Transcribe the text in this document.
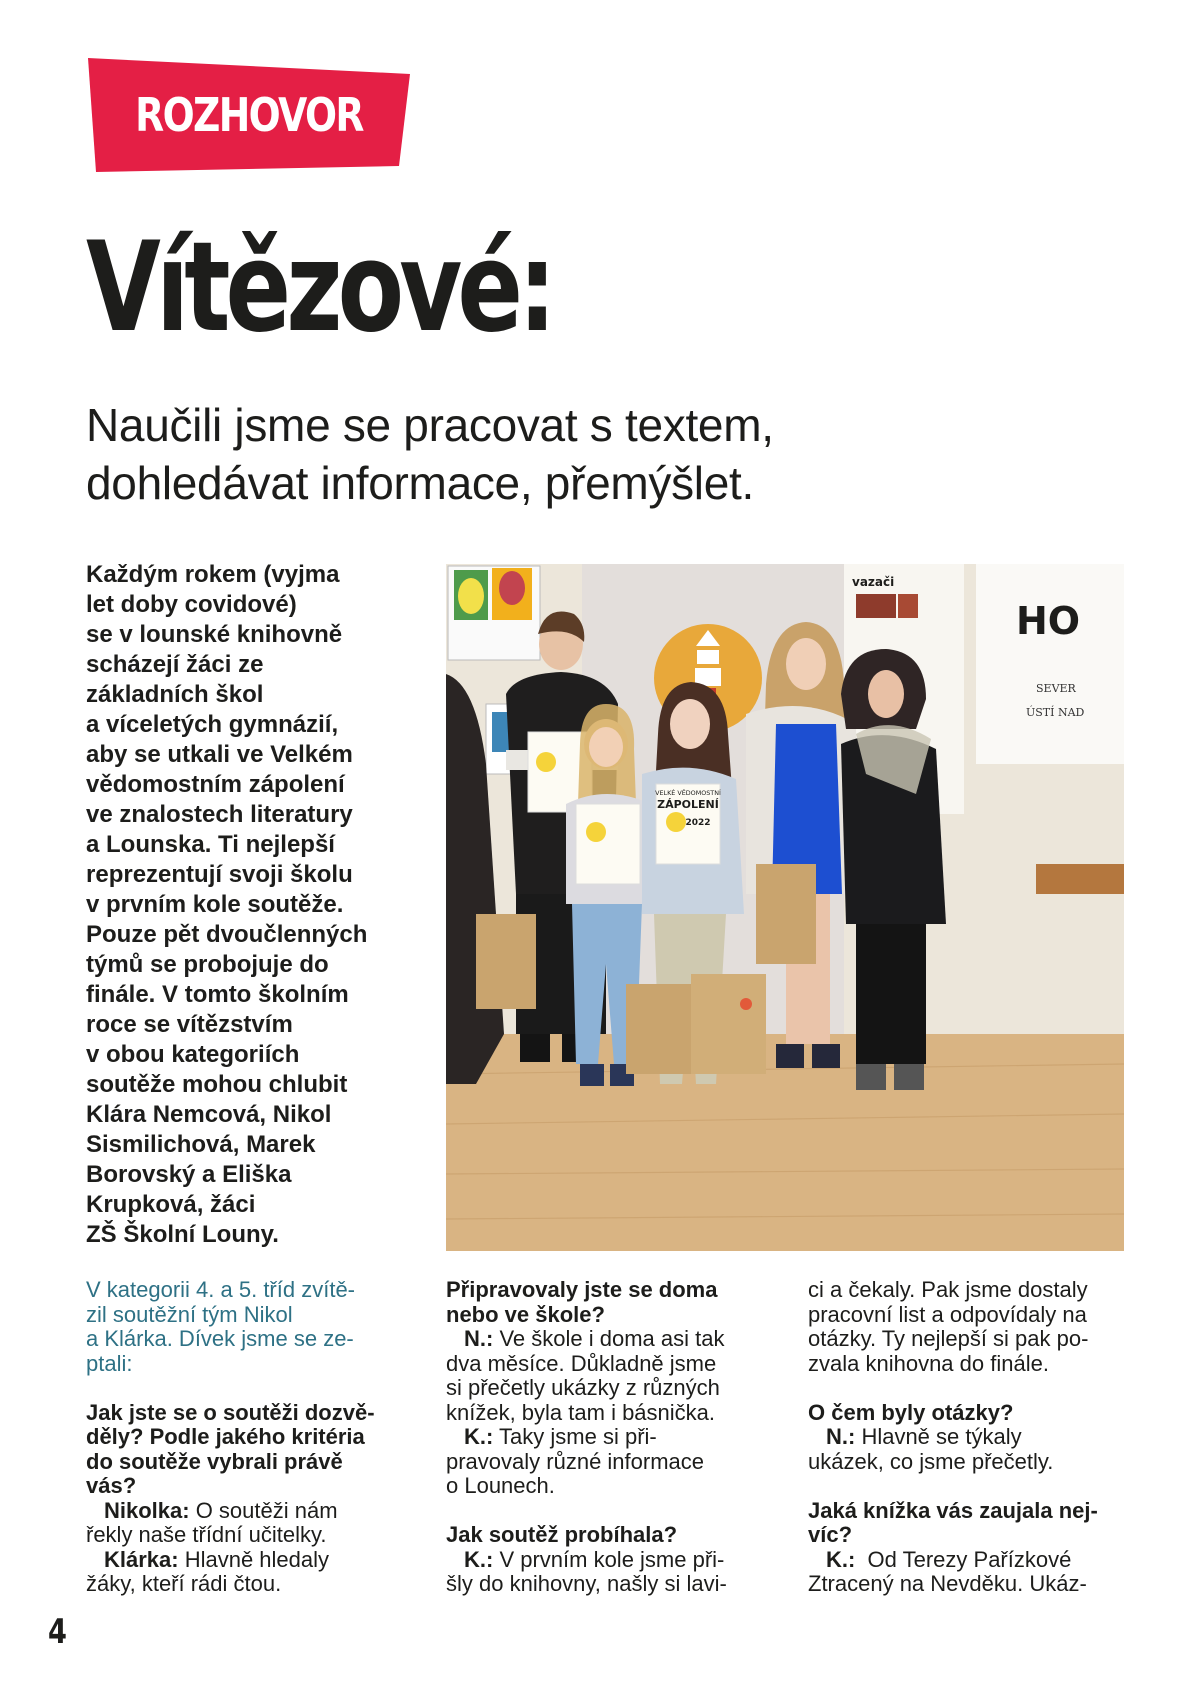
ROZHOVOR
Vítězové:
Naučili jsme se pracovat s textem,
dohledávat informace, přemýšlet.
Každým rokem (vyjma
let doby covidové)
se v lounské knihovně
scházejí žáci ze
základních škol
a víceletých gymnázií,
aby se utkali ve Velkém
vědomostním zápolení
ve znalostech literatury
a Lounska. Ti nejlepší
reprezentují svoji školu
v prvním kole soutěže.
Pouze pět dvoučlenných
týmů se probojuje do
finále. V tomto školním
roce se vítězstvím
v obou kategoriích
soutěže mohou chlubit
Klára Nemcová, Nikol
Sismilichová, Marek
Borovský a Eliška
Krupková, žáci
ZŠ Školní Louny.
HO
SEVER
ÚSTÍ NAD
vazači
VELKÉ VĚDOMOSTNÍ
ZÁPOLENÍ
2022
V kategorii 4. a 5. tříd zvítě-
zil soutěžní tým Nikol
a Klárka. Dívek jsme se ze-
ptali:
Jak jste se o soutěži dozvě-
děly? Podle jakého kritéria
do soutěže vybrali právě
vás?
Nikolka: O soutěži nám
řekly naše třídní učitelky.
Klárka: Hlavně hledaly
žáky, kteří rádi čtou.
Připravovaly jste se doma
nebo ve škole?
N.: Ve škole i doma asi tak
dva měsíce. Důkladně jsme
si přečetly ukázky z různých
knížek, byla tam i básnička.
K.: Taky jsme si při-
pravovaly různé informace
o Lounech.
Jak soutěž probíhala?
K.: V prvním kole jsme při-
šly do knihovny, našly si lavi-
ci a čekaly. Pak jsme dostaly
pracovní list a odpovídaly na
otázky. Ty nejlepší si pak po-
zvala knihovna do finále.
O čem byly otázky?
N.: Hlavně se týkaly
ukázek, co jsme přečetly.
Jaká knížka vás zaujala nej-
víc?
K.:  Od Terezy Pařízkové
Ztracený na Nevděku. Ukáz-
4
